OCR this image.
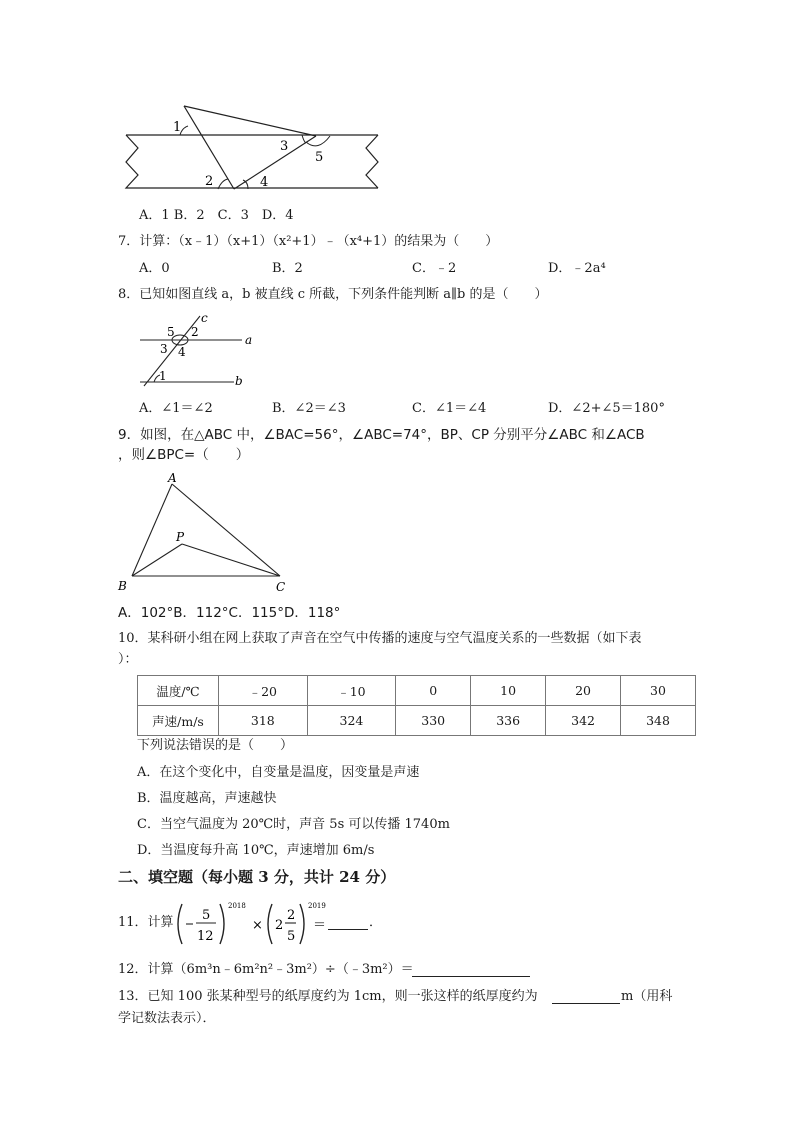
1
2
3
4
5
A．1 B．2　C．3　D．4
7．计算：（x﹣1）（x+1）（x²+1）﹣（x⁴+1）的结果为（　　）
A．0	B．2	C．﹣2	D．﹣2a⁴
8．已知如图直线 a，b 被直线 c 所截，下列条件能判断 a∥b 的是（　　）
c
a
b
5 2
3 4
1
A．∠1＝∠2	B．∠2＝∠3	C．∠1＝∠4	D．∠2+∠5＝180°
9．如图，在△ABC 中，∠BAC=56°，∠ABC=74°，BP、CP 分别平分∠ABC 和∠ACB
，则∠BPC=（　　）
A
P
B	C
A．102°B．112°C．115°D．118°
10．某科研小组在网上获取了声音在空气中传播的速度与空气温度关系的一些数据（如下表
）：
温度/℃	﹣20	﹣10	0	10	20	30
声速/m/s	318	324	330	336	342	348
下列说法错误的是（　　）
A．在这个变化中，自变量是温度，因变量是声速
B．温度越高，声速越快
C．当空气温度为 20℃时，声音 5s 可以传播 1740m
D．当温度每升高 10℃，声速增加 6m/s
二、填空题（每小题 3 分，共计 24 分）
11．计算 5
12
2018
× 2
2
5
2019
＝	．
12．计算（6m³n﹣6m²n²﹣3m²）÷（﹣3m²）＝
13．已知 100 张某种型号的纸厚度约为 1cm，则一张这样的纸厚度约为	m（用科
学记数法表示）．
